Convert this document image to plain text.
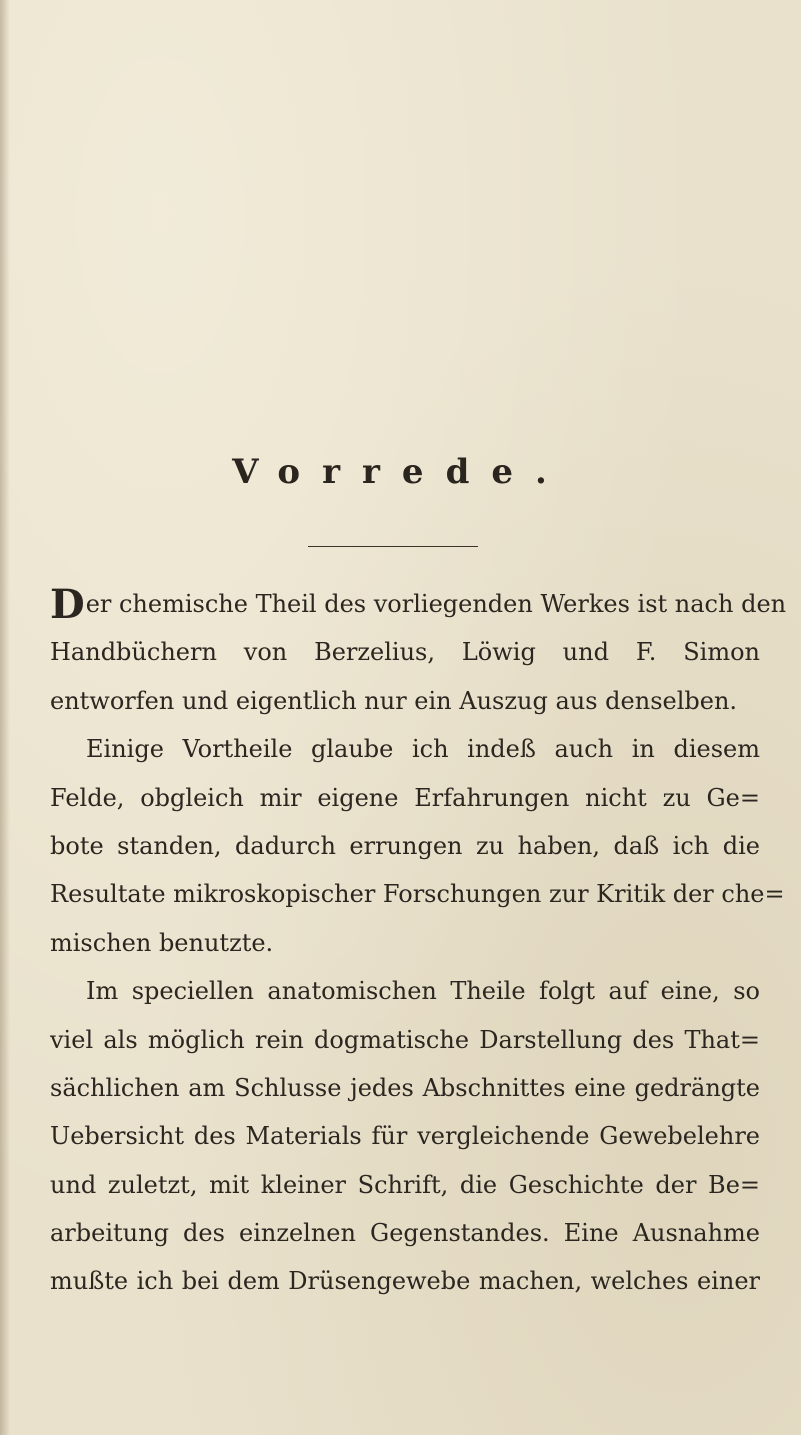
Vorrede.
Der chemische Theil des vorliegenden Werkes ist nach den
Handbüchern von Berzelius, Löwig und F. Simon
entworfen und eigentlich nur ein Auszug aus denselben.
Einige Vortheile glaube ich indeß auch in diesem
Felde, obgleich mir eigene Erfahrungen nicht zu Ge=
bote standen, dadurch errungen zu haben, daß ich die
Resultate mikroskopischer Forschungen zur Kritik der che=
mischen benutzte.
Im speciellen anatomischen Theile folgt auf eine, so
viel als möglich rein dogmatische Darstellung des That=
sächlichen am Schlusse jedes Abschnittes eine gedrängte
Uebersicht des Materials für vergleichende Gewebelehre
und zuletzt, mit kleiner Schrift, die Geschichte der Be=
arbeitung des einzelnen Gegenstandes. Eine Ausnahme
mußte ich bei dem Drüsengewebe machen, welches einer
